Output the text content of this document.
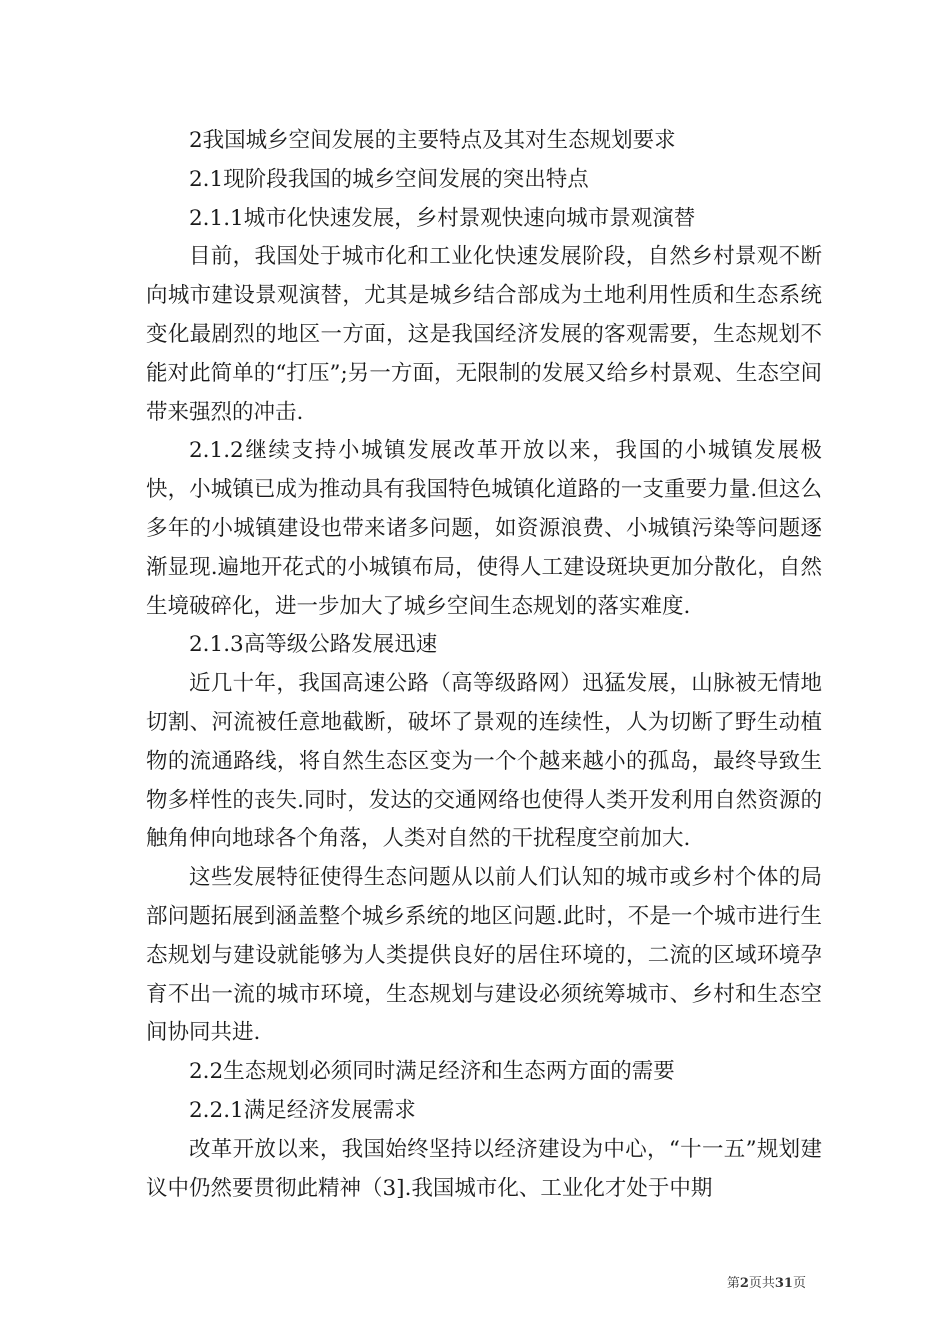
2我国城乡空间发展的主要特点及其对生态规划要求

2.1现阶段我国的城乡空间发展的突出特点

2.1.1城市化快速发展，乡村景观快速向城市景观演替

目前，我国处于城市化和工业化快速发展阶段，自然乡村景观不断向城市建设景观演替，尤其是城乡结合部成为土地利用性质和生态系统变化最剧烈的地区一方面，这是我国经济发展的客观需要，生态规划不能对此简单的“打压”;另一方面，无限制的发展又给乡村景观、生态空间带来强烈的冲击.

2.1.2继续支持小城镇发展改革开放以来，我国的小城镇发展极快，小城镇已成为推动具有我国特色城镇化道路的一支重要力量.但这么多年的小城镇建设也带来诸多问题，如资源浪费、小城镇污染等问题逐渐显现.遍地开花式的小城镇布局，使得人工建设斑块更加分散化，自然生境破碎化，进一步加大了城乡空间生态规划的落实难度.

2.1.3高等级公路发展迅速

近几十年，我国高速公路（高等级路网）迅猛发展，山脉被无情地切割、河流被任意地截断，破坏了景观的连续性，人为切断了野生动植物的流通路线，将自然生态区变为一个个越来越小的孤岛，最终导致生物多样性的丧失.同时，发达的交通网络也使得人类开发利用自然资源的触角伸向地球各个角落，人类对自然的干扰程度空前加大.

这些发展特征使得生态问题从以前人们认知的城市或乡村个体的局部问题拓展到涵盖整个城乡系统的地区问题.此时，不是一个城市进行生态规划与建设就能够为人类提供良好的居住环境的，二流的区域环境孕育不出一流的城市环境，生态规划与建设必须统筹城市、乡村和生态空间协同共进.

2.2生态规划必须同时满足经济和生态两方面的需要

2.2.1满足经济发展需求

改革开放以来，我国始终坚持以经济建设为中心，“十一五”规划建议中仍然要贯彻此精神（3].我国城市化、工业化才处于中期

第2页共31页
